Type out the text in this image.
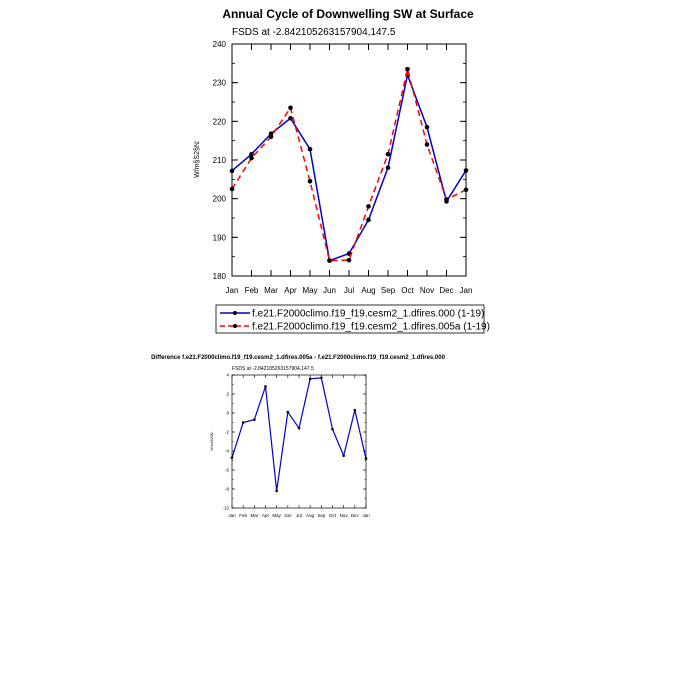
Annual Cycle of Downwelling SW at Surface
FSDS at -2.842105263157904,147.5
W/m§S2§N:
Jan Feb Mar Apr May Jun Jul Aug Sep Oct Nov Dec Jan
180
190
200
210
220
230
240
f.e21.F2000climo.f19_f19.cesm2_1.dfires.000 (1-19)
f.e21.F2000climo.f19_f19.cesm2_1.dfires.005a (1-19)
Difference f.e21.F2000climo.f19_f19.cesm2_1.dfires.005a - f.e21.F2000climo.f19_f19.cesm2_1.dfires.000
FSDS at -2.842105263157904,147.5
W/m§S2§N:
Jan Feb Mar Apr May Jun Jul Aug Sep Oct Nov Dec Jan
-10
-8
-6
-4
-2
0
2
4
